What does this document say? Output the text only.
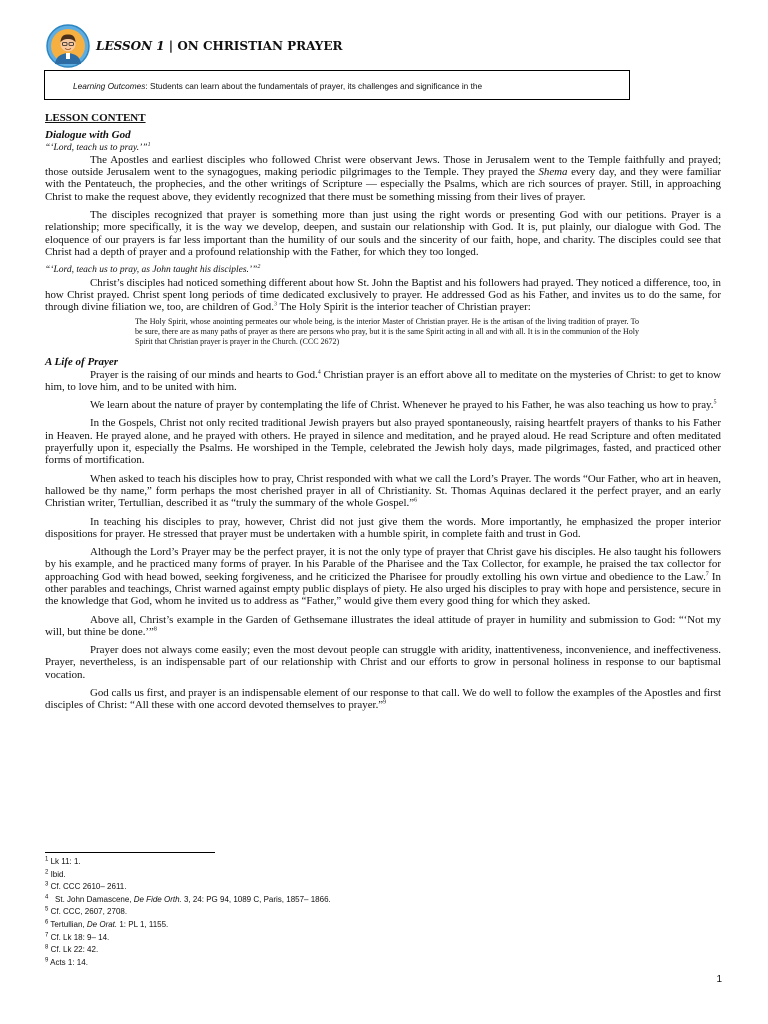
LESSON 1 | ON CHRISTIAN PRAYER
Learning Outcomes: Students can learn about the fundamentals of prayer, its challenges and significance in the
LESSON CONTENT
Dialogue with God
“‘Lord, teach us to pray.’”$^1$

The Apostles and earliest disciples who followed Christ were observant Jews. Those in Jerusalem went to the Temple faithfully and prayed; those outside Jerusalem went to the synagogues, making periodic pilgrimages to the Temple. They prayed the Shema every day, and they were familiar with the Pentateuch, the prophecies, and the other writings of Scripture — especially the Psalms, which are rich sources of prayer. Still, in approaching Christ to make the request above, they evidently recognized that there must be something missing from their lives of prayer.

The disciples recognized that prayer is something more than just using the right words or presenting God with our petitions. Prayer is a relationship; more specifically, it is the way we develop, deepen, and sustain our relationship with God. It is, put plainly, our dialogue with God. The eloquence of our prayers is far less important than the humility of our souls and the sincerity of our faith, hope, and charity. The disciples could see that Christ had a depth of prayer and a profound relationship with the Father, for which they too longed.

“‘Lord, teach us to pray, as John taught his disciples.’”$^2$

Christ’s disciples had noticed something different about how St. John the Baptist and his followers had prayed. They noticed a difference, too, in how Christ prayed. Christ spent long periods of time dedicated exclusively to prayer. He addressed God as his Father, and invites us to do the same, for through divine filiation we, too, are children of God.$^3$ The Holy Spirit is the interior teacher of Christian prayer:

The Holy Spirit, whose anointing permeates our whole being, is the interior Master of Christian prayer. He is the artisan of the living tradition of prayer. To be sure, there are as many paths of prayer as there are persons who pray, but it is the same Spirit acting in all and with all. It is in the communion of the Holy Spirit that Christian prayer is prayer in the Church. (CCC 2672)
A Life of Prayer

Prayer is the raising of our minds and hearts to God.$^4$ Christian prayer is an effort above all to meditate on the mysteries of Christ: to get to know him, to love him, and to be united with him.

We learn about the nature of prayer by contemplating the life of Christ. Whenever he prayed to his Father, he was also teaching us how to pray.$^5$

In the Gospels, Christ not only recited traditional Jewish prayers but also prayed spontaneously, raising heartfelt prayers of thanks to his Father in Heaven. He prayed alone, and he prayed with others. He prayed in silence and meditation, and he prayed aloud. He read Scripture and often meditated prayerfully upon it, especially the Psalms. He worshiped in the Temple, celebrated the Jewish holy days, made pilgrimages, fasted, and practiced other forms of mortification.

When asked to teach his disciples how to pray, Christ responded with what we call the Lord’s Prayer. The words “Our Father, who art in heaven, hallowed be thy name,” form perhaps the most cherished prayer in all of Christianity. St. Thomas Aquinas declared it the perfect prayer, and an early Christian writer, Tertullian, described it as “truly the summary of the whole Gospel.”$^6$

In teaching his disciples to pray, however, Christ did not just give them the words. More importantly, he emphasized the proper interior dispositions for prayer. He stressed that prayer must be undertaken with a humble spirit, in complete faith and trust in God.

Although the Lord’s Prayer may be the perfect prayer, it is not the only type of prayer that Christ gave his disciples. He also taught his followers by his example, and he practiced many forms of prayer. In his Parable of the Pharisee and the Tax Collector, for example, he praised the tax collector for approaching God with head bowed, seeking forgiveness, and he criticized the Pharisee for proudly extolling his own virtue and obedience to the Law.$^7$ In other parables and teachings, Christ warned against empty public displays of piety. He also urged his disciples to pray with hope and persistence, secure in the knowledge that God, whom he invited us to address as “Father,” would give them every good thing for which they asked.

Above all, Christ’s example in the Garden of Gethsemane illustrates the ideal attitude of prayer in humility and submission to God: “‘Not my will, but thine be done.’”$^8$

Prayer does not always come easily; even the most devout people can struggle with aridity, inattentiveness, inconvenience, and ineffectiveness. Prayer, nevertheless, is an indispensable part of our relationship with Christ and our efforts to grow in personal holiness in response to our baptismal vocation.

God calls us first, and prayer is an indispensable element of our response to that call. We do well to follow the examples of the Apostles and first disciples of Christ: “All these with one accord devoted themselves to prayer.”$^9$

$^1$ Lk 11: 1.
$^2$ Ibid.
$^3$ Cf. CCC 2610– 2611.
$^4$   St. John Damascene, De Fide Orth. 3, 24: PG 94, 1089 C, Paris, 1857– 1866.
$^5$ Cf. CCC, 2607, 2708.
$^6$ Tertullian, De Orat. 1: PL 1, 1155.
$^7$ Cf. Lk 18: 9– 14.
$^8$ Cf. Lk 22: 42.
$^9$ Acts 1: 14.
1
